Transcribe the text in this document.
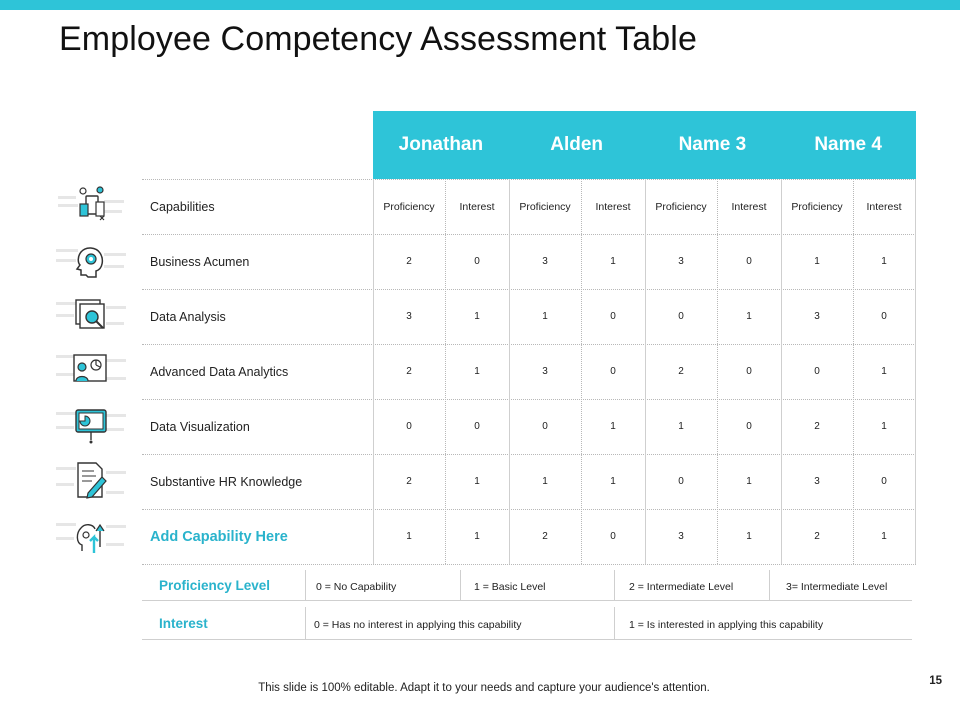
Employee Competency Assessment Table
Jonathan	Alden	Name 3	Name 4
Capabilities	Proficiency	Interest	Proficiency	Interest	Proficiency	Interest	Proficiency	Interest
Business Acumen	2	0	3	1	3	0	1	1
Data Analysis	3	1	1	0	0	1	3	0
Advanced Data Analytics	2	1	3	0	2	0	0	1
Data Visualization	0	0	0	1	1	0	2	1
Substantive HR Knowledge	2	1	1	1	0	1	3	0
Add Capability Here	1	1	2	0	3	1	2	1
Proficiency Level	0 = No Capability	1 = Basic Level	2 = Intermediate Level	3= Intermediate Level
Interest	0 = Has no interest in applying this capability	1 = Is interested in applying this capability
This slide is 100% editable. Adapt it to your needs and capture your audience's attention.
15
